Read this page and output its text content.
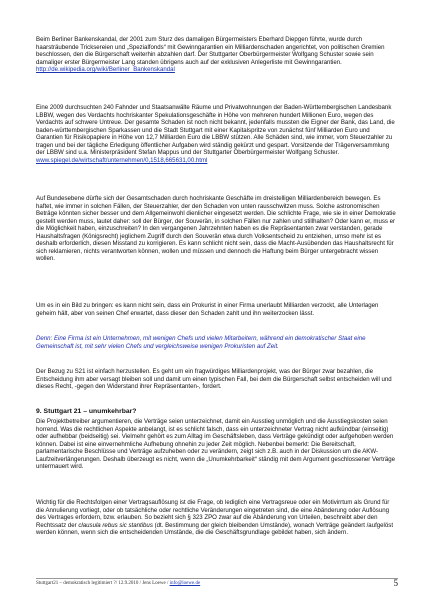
Beim Berliner Bankenskandal, der 2001 zum Sturz des damaligen Bürgermeisters Eberhard Diepgen führte, wurde durch haarsträubende Tricksereien und „Spezialfonds“ mit Gewinngarantien ein Milliardenschaden angerichtet, von politischen Gremien beschlossen, den die Bürgerschaft weiterhin abzahlen darf. Der Stuttgarter Oberbürgermeister Wolfgang Schuster sowie sein damaliger erster Bürgermeister Lang standen übrigens auch auf der exklusiven Anlegerliste mit Gewinngarantien.
http://de.wikipedia.org/wiki/Berliner_Bankenskandal

Eine 2009 durchsuchten 240 Fahnder und Staatsanwälte Räume und Privatwohnungen der Baden-Württembergischen Landesbank LBBW, wegen des Verdachts hochriskanter Spekulationsgeschäfte in Höhe von mehreren hundert Millionen Euro, wegen des Verdachts auf schwere Untreue. Der gesamte Schaden ist noch nicht bekannt, jedenfalls mussten die Eigner der Bank, das Land, die baden-württembergischen Sparkassen und die Stadt Stuttgart mit einer Kapitalspritze von zunächst fünf Milliarden Euro und Garantien für Risikopapiere in Höhe von 12,7 Milliarden Euro die LBBW stützen. Alle Schäden sind, wie immer, vom Steuerzahler zu tragen und bei der tägliche Erledigung öffentlicher Aufgaben wird ständig gekürzt und gespart. Vorsitzende der Trägerversammlung der LBBW sind u.a. Ministerpräsident Stefan Mappus und der Stuttgarter Oberbürgermeister Wolfgang Schuster.
www.spiegel.de/wirtschaft/unternehmen/0,1518,665631,00.html

Auf Bundesebene dürfte sich der Gesamtschaden durch hochriskante Geschäfte im dreistelligen Milliardenbereich bewegen. Es haftet, wie immer in solchen Fällen, der Steuerzahler, der den Schaden von unten rausschwitzen muss. Solche astronomischen Beträge könnten sicher besser und dem Allgemeinwohl dienlicher eingesetzt werden. Die schlichte Frage, wie sie in einer Demokratie gestellt werden muss, lautet daher: soll der Bürger, der Souverän, in solchen Fällen nur zahlen und stillhalten? Oder kann er, muss er die Möglichkeit haben, einzuschreiten? In den vergangenen Jahrzehnten haben es die Repräsentanten zwar verstanden, gerade Haushaltsfragen (Königsrecht) jeglichem Zugriff durch den Souverän etwa durch Volksentscheid zu entziehen, umso mehr ist es deshalb erforderlich, diesen Misstand zu korrigieren. Es kann schlicht nicht sein, dass die Macht-Ausübenden das Haushaltsrecht für sich reklamieren, nichts verantworten können, wollen und müssen und dennoch die Haftung beim Bürger untergebracht wissen wollen.

Um es in ein Bild zu bringen: es kann nicht sein, dass ein Prokurist in einer Firma unerlaubt Milliarden verzockt, alle Unterlagen geheim hält, aber von seinen Chef erwartet, dass dieser den Schaden zahlt und ihn weiterzocken lässt.

Denn: Eine Firma ist ein Unternehmen, mit wenigen Chefs und vielen Mitarbeitern, während ein demokratischer Staat eine Gemeinschaft ist, mit sehr vielen Chefs und vergleichsweise wenigen Prokuristen auf Zeit.

Der Bezug zu S21 ist einfach herzustellen. Es geht um ein fragwürdiges Milliardenprojekt, was der Bürger zwar bezahlen, die Entscheidung ihm aber versagt bleiben soll und damit um einen typischen Fall, bei dem die Bürgerschaft selbst entscheiden will und dieses Recht, -gegen den Widerstand ihrer Repräsentanten-, fordert.

9. Stuttgart 21 – unumkehrbar?

Die Projektbetreiber argumentieren, die Verträge seien unterzeichnet, damit ein Ausstieg unmöglich und die Ausstiegskosten seien horrend. Was die rechtlichen Aspekte anbelangt, ist es schlicht falsch, dass ein unterzeichneter Vertrag nicht aufkündbar (einseitig) oder aufhebbar (beidseitig) sei. Vielmehr gehört es zum Alltag im Geschäftsleben, dass Verträge gekündigt oder aufgehoben werden können. Dabei ist eine einvernehmliche Aufhebung ohnehin zu jeder Zeit möglich. Nebenbei bemerkt: Die Bereitschaft, parlamentarische Beschlüsse und Verträge aufzuheben oder zu verändern, zeigt sich z.B. auch in der Diskussion um die AKW-Laufzeitverlängerungen. Deshalb überzeugt es nicht, wenn die „Unumkehrbarkeit“ ständig mit dem Argument geschlossener Verträge untermauert wird.

Wichtig für die Rechtsfolgen einer Vertragsauflösung ist die Frage, ob lediglich eine Vertragsreue oder ein Motivirrtum als Grund für die Annulierung vorliegt, oder ob tatsächliche oder rechtliche Veränderungen eingetreten sind, die eine Abänderung oder Auflösung des Vertrages erfordern, bzw. erlauben. So bezieht sich § 323 ZPO zwar auf die Abänderung von Urteilen, beschreibt aber den Rechtssatz der clausula rebus sic stantibus (dt. Bestimmung der gleich bleibenden Umstände), wonach Verträge geändert /aufgelöst werden können, wenn sich die entscheidenden Umstände, die die Geschäftsgrundlage gebildet haben, sich ändern.

Stuttgart21 – demokratisch legitimiert ?/ 12.9.2010 / Jens Loewe / info@loewe.de	5
